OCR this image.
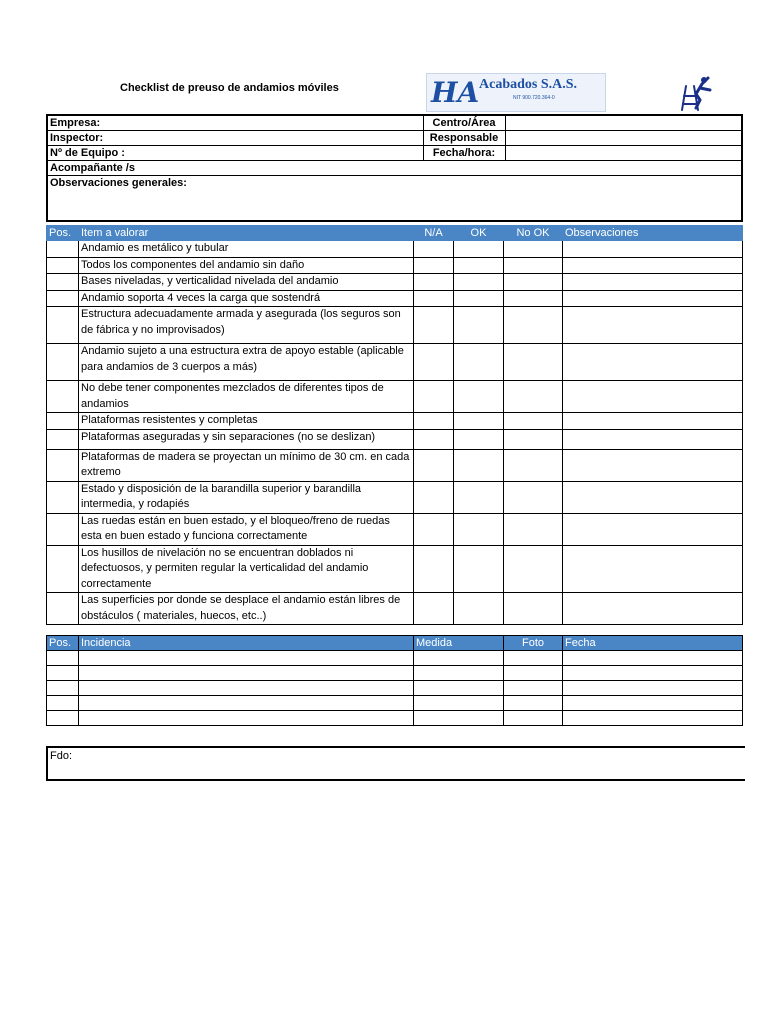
Checklist de preuso de andamios móviles	HA Acabados S.A.S.
NIT 900.720.364-0
Empresa:	Centro/Área	
Inspector:	Responsable	
Nº de Equipo :	Fecha/hora:	
Acompañante /s		
Observaciones generales:		
Pos.	Item a valorar	N/A	OK	No OK	Observaciones
	Andamio es metálico y tubular				
	Todos los componentes del andamio sin daño				
	Bases niveladas, y verticalidad nivelada del andamio				
	Andamio soporta 4 veces la carga que sostendrá				
	Estructura adecuadamente armada y asegurada (los seguros son de fábrica y no improvisados)				
	Andamio sujeto a una estructura extra de apoyo estable (aplicable para andamios de 3 cuerpos a más)				
	No debe tener componentes mezclados de diferentes tipos de andamios				
	Plataformas resistentes y completas				
	Plataformas aseguradas y sin separaciones (no se deslizan)				
	Plataformas de madera se proyectan un mínimo de 30 cm. en cada extremo				
	Estado y disposición de la barandilla superior y barandilla intermedia, y rodapiés				
	Las ruedas están en buen estado, y el bloqueo/freno de ruedas esta en buen estado y funciona correctamente				
	Los husillos de nivelación no se encuentran doblados ni defectuosos, y permiten regular la verticalidad del andamio correctamente				
	Las superficies por donde se desplace el andamio están libres de obstáculos ( materiales, huecos, etc..)				
Pos.	Incidencia	Medida	Foto	Fecha

Fdo:
